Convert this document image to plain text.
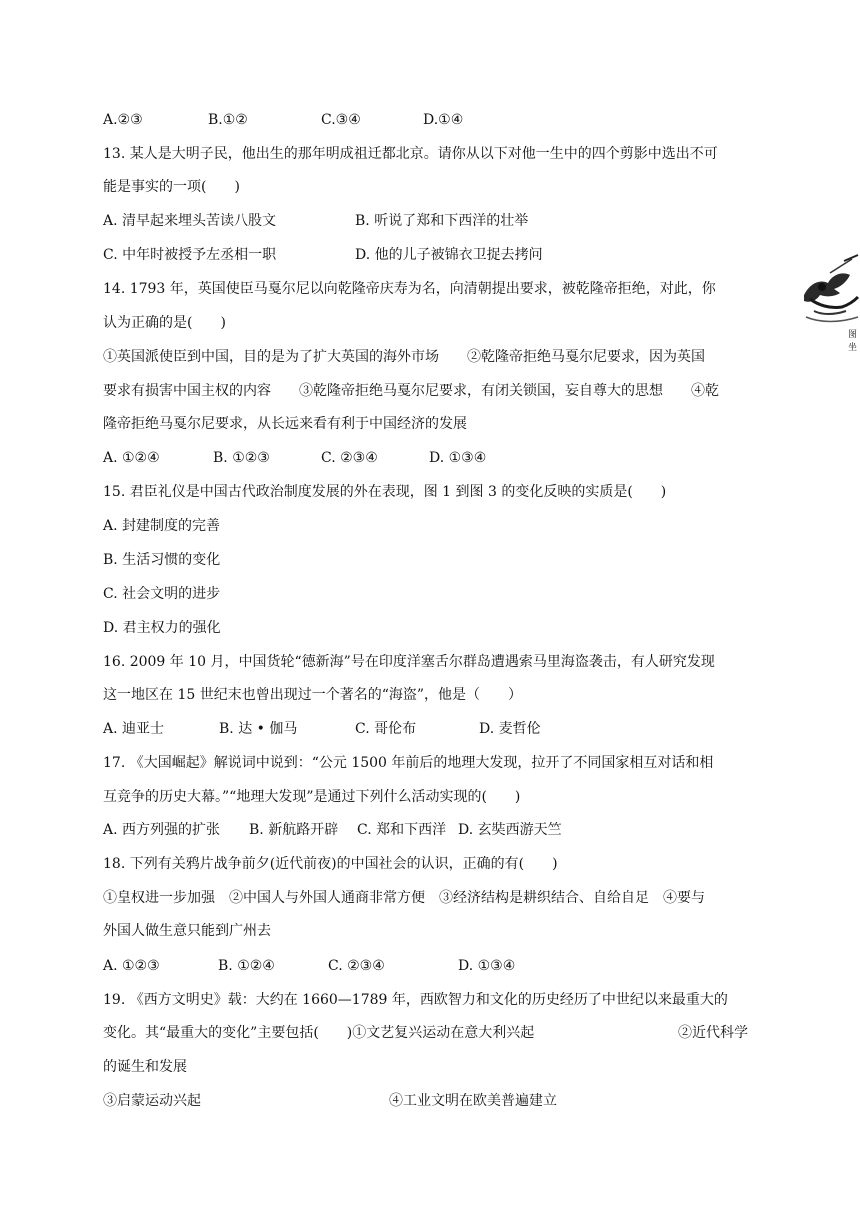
A.②③	B.①②	C.③④	D.①④
13. 某人是大明子民，他出生的那年明成祖迁都北京。请你从以下对他一生中的四个剪影中选出不可
能是事实的一项(　　)
A. 清早起来埋头苦读八股文	B. 听说了郑和下西洋的壮举
C. 中年时被授予左丞相一职	D. 他的儿子被锦衣卫捉去拷问
14. 1793 年，英国使臣马戛尔尼以向乾隆帝庆寿为名，向清朝提出要求，被乾隆帝拒绝，对此，你
认为正确的是(　　)
①英国派使臣到中国，目的是为了扩大英国的海外市场　　②乾隆帝拒绝马戛尔尼要求，因为英国
要求有损害中国主权的内容　　③乾隆帝拒绝马戛尔尼要求，有闭关锁国，妄自尊大的思想　　④乾
隆帝拒绝马戛尔尼要求，从长远来看有利于中国经济的发展
A. ①②④	B. ①②③	C. ②③④	D. ①③④
15. 君臣礼仪是中国古代政治制度发展的外在表现，图 1 到图 3 的变化反映的实质是(　　)
A. 封建制度的完善
B. 生活习惯的变化
C. 社会文明的进步
D. 君主权力的强化
16. 2009 年 10 月，中国货轮“德新海”号在印度洋塞舌尔群岛遭遇索马里海盗袭击，有人研究发现
这一地区在 15 世纪末也曾出现过一个著名的“海盗”，他是（　　）
A. 迪亚士	B. 达 • 伽马	C. 哥伦布	D. 麦哲伦
17. 《大国崛起》解说词中说到：“公元 1500 年前后的地理大发现，拉开了不同国家相互对话和相
互竞争的历史大幕。”“地理大发现”是通过下列什么活动实现的(　　)
A. 西方列强的扩张 B. 新航路开辟 C. 郑和下西洋 D. 玄奘西游天竺
18. 下列有关鸦片战争前夕(近代前夜)的中国社会的认识，正确的有(　　)
①皇权进一步加强　②中国人与外国人通商非常方便　③经济结构是耕织结合、自给自足　④要与
外国人做生意只能到广州去
A. ①②③	B. ①②④	C. ②③④	D. ①③④
19. 《西方文明史》载：大约在 1660—1789 年，西欧智力和文化的历史经历了中世纪以来最重大的
变化。其“最重大的变化”主要包括(　　)①文艺复兴运动在意大利兴起	②近代科学
的诞生和发展
③启蒙运动兴起	④工业文明在欧美普遍建立
图
坐
